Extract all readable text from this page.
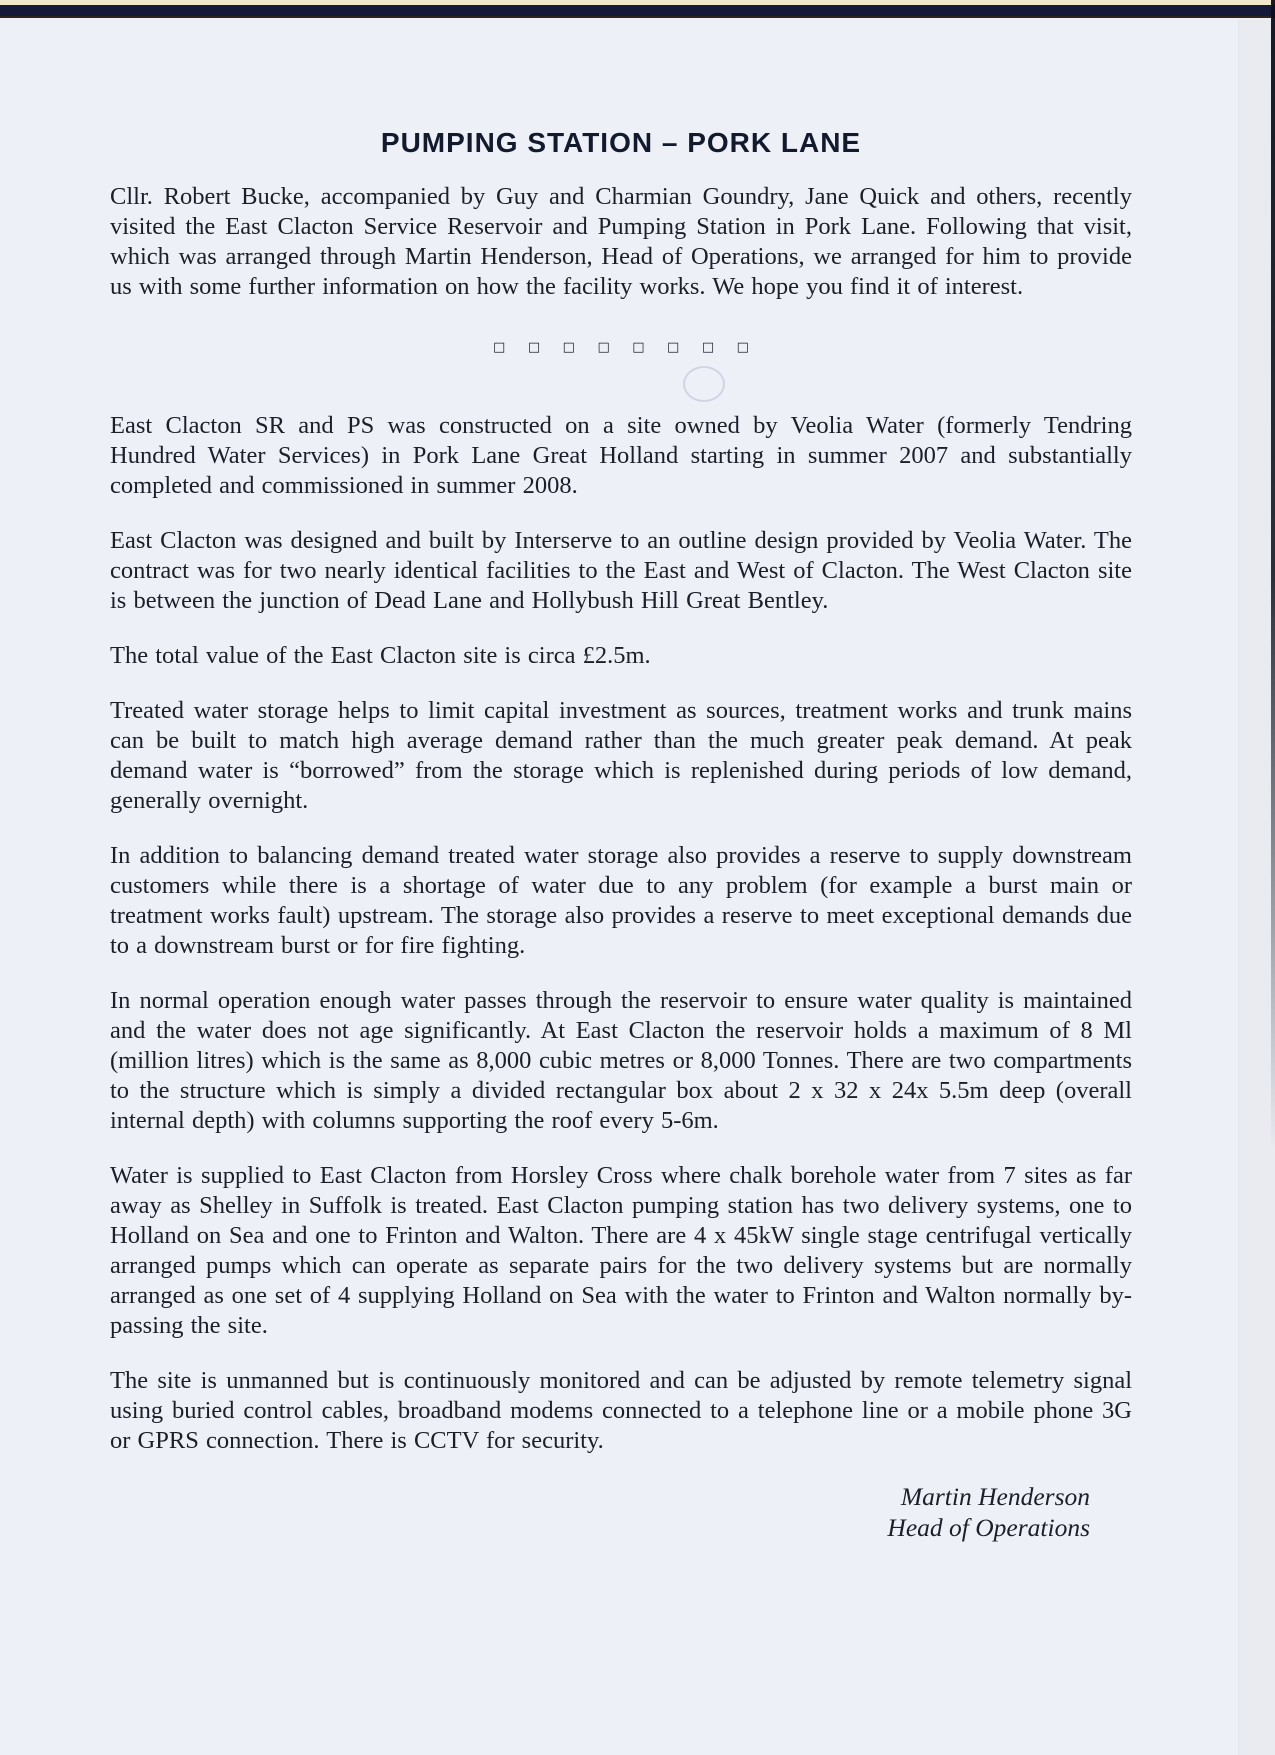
PUMPING STATION – PORK LANE

Cllr. Robert Bucke, accompanied by Guy and Charmian Goundry, Jane Quick and others, recently visited the East Clacton Service Reservoir and Pumping Station in Pork Lane. Following that visit, which was arranged through Martin Henderson, Head of Operations, we arranged for him to provide us with some further information on how the facility works. We hope you find it of interest.

□ □ □ □ □ □ □ □

East Clacton SR and PS was constructed on a site owned by Veolia Water (formerly Tendring Hundred Water Services) in Pork Lane Great Holland starting in summer 2007 and substantially completed and commissioned in summer 2008.

East Clacton was designed and built by Interserve to an outline design provided by Veolia Water. The contract was for two nearly identical facilities to the East and West of Clacton. The West Clacton site is between the junction of Dead Lane and Hollybush Hill Great Bentley.

The total value of the East Clacton site is circa £2.5m.

Treated water storage helps to limit capital investment as sources, treatment works and trunk mains can be built to match high average demand rather than the much greater peak demand. At peak demand water is “borrowed” from the storage which is replenished during periods of low demand, generally overnight.

In addition to balancing demand treated water storage also provides a reserve to supply downstream customers while there is a shortage of water due to any problem (for example a burst main or treatment works fault) upstream. The storage also provides a reserve to meet exceptional demands due to a downstream burst or for fire fighting.

In normal operation enough water passes through the reservoir to ensure water quality is maintained and the water does not age significantly. At East Clacton the reservoir holds a maximum of 8 Ml (million litres) which is the same as 8,000 cubic metres or 8,000 Tonnes. There are two compartments to the structure which is simply a divided rectangular box about 2 x 32 x 24x 5.5m deep (overall internal depth) with columns supporting the roof every 5-6m.

Water is supplied to East Clacton from Horsley Cross where chalk borehole water from 7 sites as far away as Shelley in Suffolk is treated. East Clacton pumping station has two delivery systems, one to Holland on Sea and one to Frinton and Walton. There are 4 x 45kW single stage centrifugal vertically arranged pumps which can operate as separate pairs for the two delivery systems but are normally arranged as one set of 4 supplying Holland on Sea with the water to Frinton and Walton normally by-passing the site.

The site is unmanned but is continuously monitored and can be adjusted by remote telemetry signal using buried control cables, broadband modems connected to a telephone line or a mobile phone 3G or GPRS connection. There is CCTV for security.

Martin Henderson
Head of Operations
